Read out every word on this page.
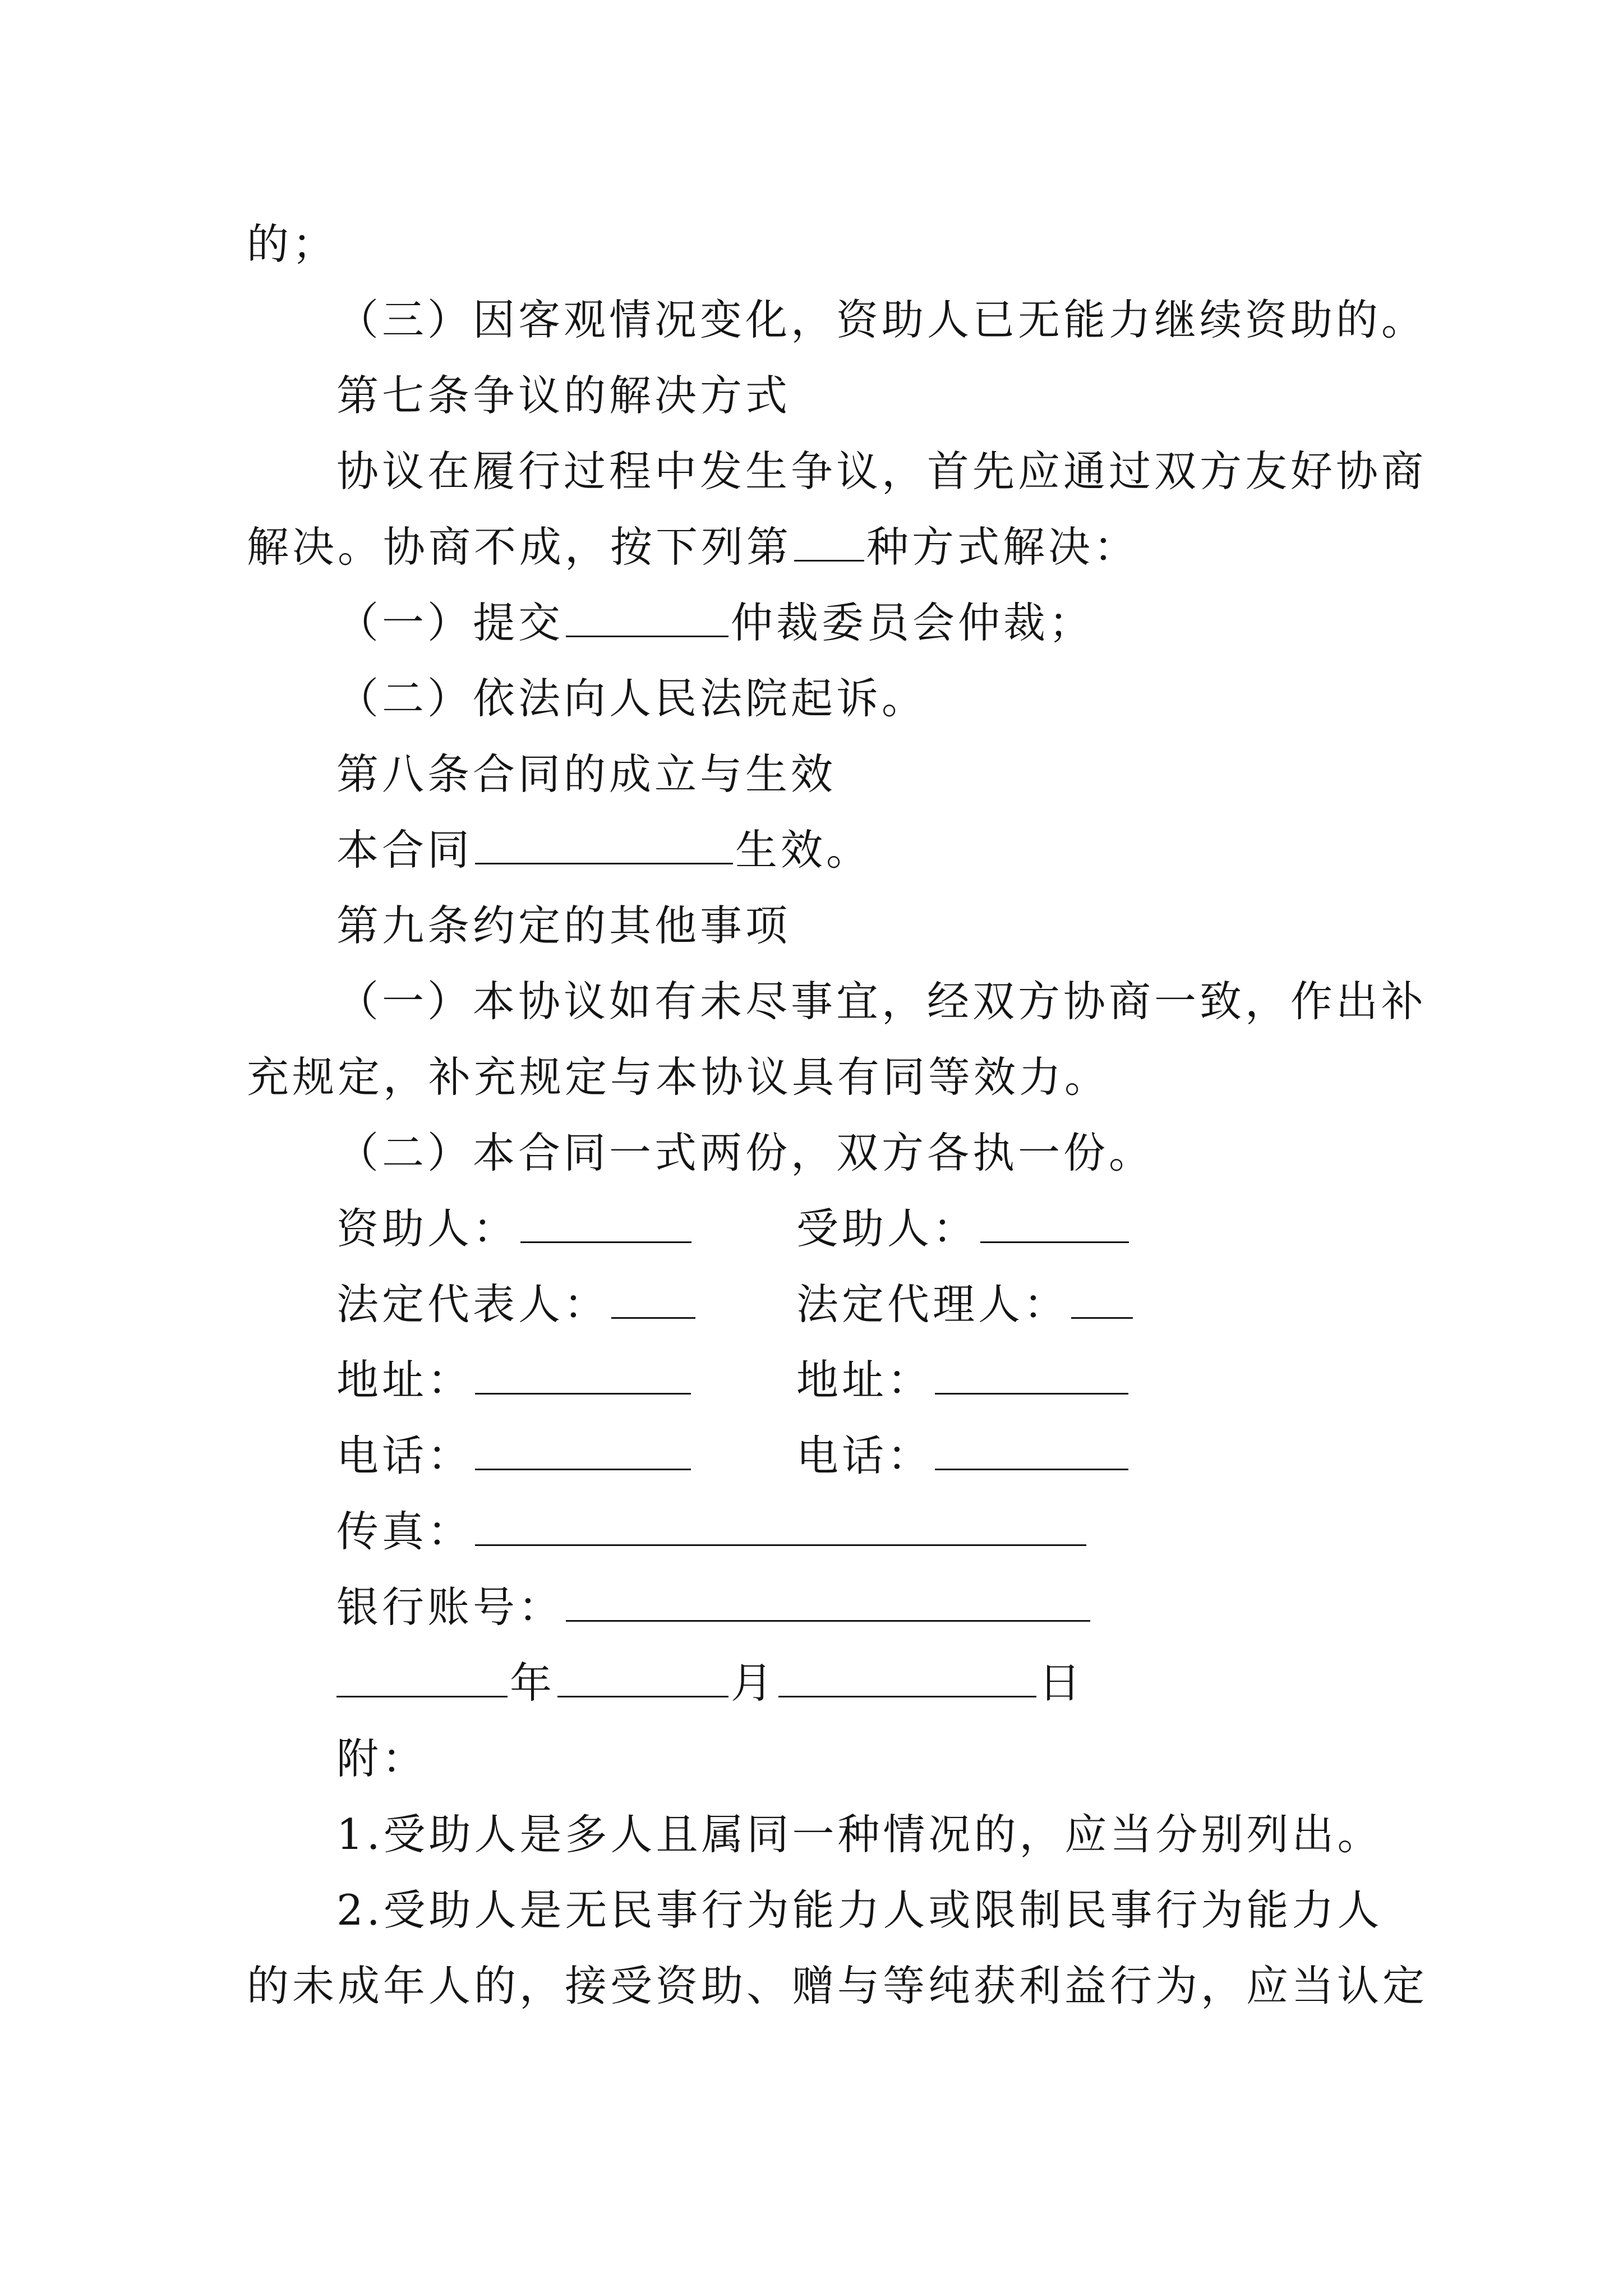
的；
（三）因客观情况变化，资助人已无能力继续资助的。
第七条争议的解决方式
协议在履行过程中发生争议，首先应通过双方友好协商
解决。协商不成，按下列第 种方式解决：
（一）提交	仲裁委员会仲裁；
（二）依法向人民法院起诉。
第八条合同的成立与生效
本合同	生效。
第九条约定的其他事项
（一）本协议如有未尽事宜，经双方协商一致，作出补
充规定，补充规定与本协议具有同等效力。
（二）本合同一式两份，双方各执一份。
资助人：	受助人：
法定代表人：	法定代理人：
地址：	地址：
电话：	电话：
传真：
银行账号：
年	月	日
附：
1.受助人是多人且属同一种情况的，应当分别列出。
2.受助人是无民事行为能力人或限制民事行为能力人
的未成年人的，接受资助、赠与等纯获利益行为，应当认定
